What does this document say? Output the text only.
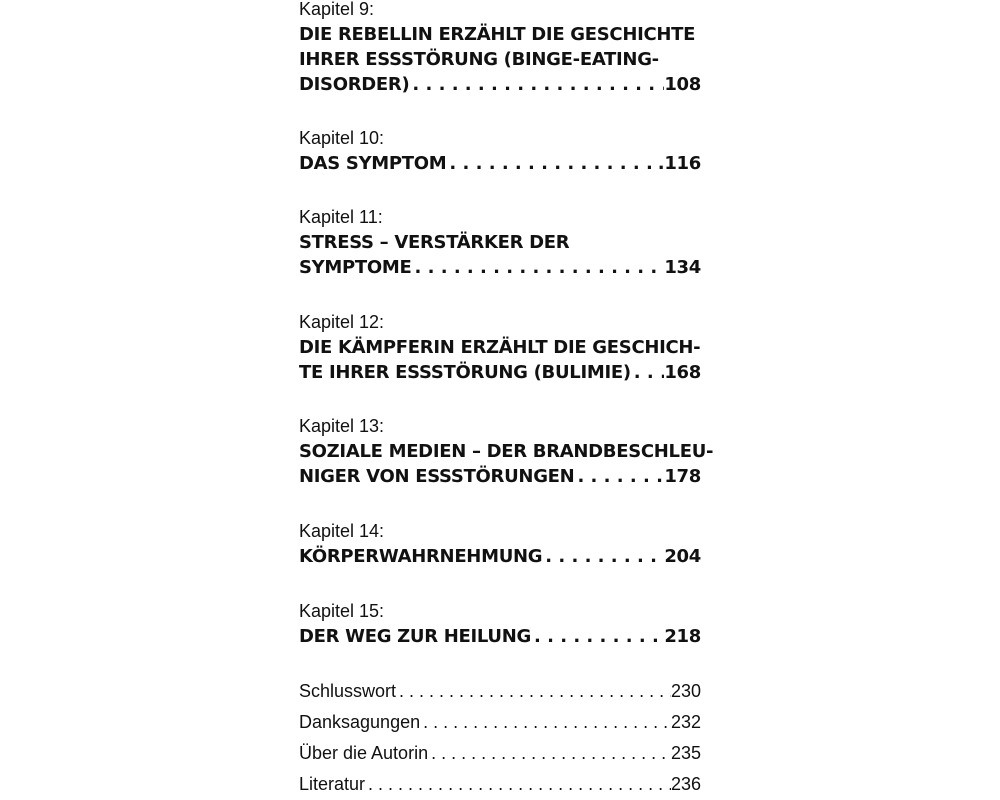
Kapitel 9:
DIE REBELLIN ERZÄHLT DIE GESCHICHTE
IHRER ESSSTÖRUNG (BINGE-EATING-
DISORDER) . . .	108
Kapitel 10:
DAS SYMPTOM . . .	.116
Kapitel 11:
STRESS – VERSTÄRKER DER
SYMPTOME . . .	134
Kapitel 12:
DIE KÄMPFERIN ERZÄHLT DIE GESCHICH-
TE IHRER ESSSTÖRUNG (BULIMIE) . . . 168
Kapitel 13:
SOZIALE MEDIEN – DER BRANDBESCHLEU-
NIGER VON ESSSTÖRUNGEN . . .	178
Kapitel 14:
KÖRPERWAHRNEHMUNG . . .	204
Kapitel 15:
DER WEG ZUR HEILUNG . . .	218
Schlusswort . . .	230
Danksagungen . . .	232
Über die Autorin . . .	235
Literatur . . .	236
